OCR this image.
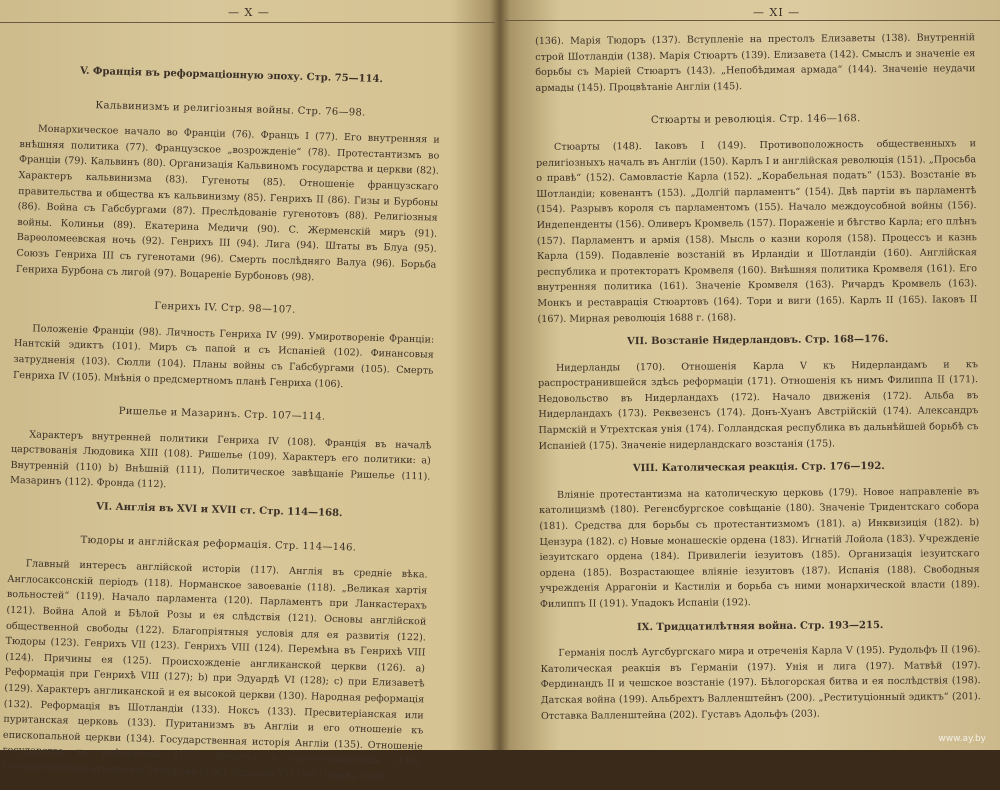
— X —
V. Франція въ реформаціонную эпоху. Стр. 75—114.
Кальвинизмъ и религіозныя войны. Стр. 76—98.
Монархическое начало во Франціи (76). Францъ I (77). Его внутренняя и внѣшняя политика (77). Французское „возрожденіе“ (78). Протестантизмъ во Франціи (79). Кальвинъ (80). Организація Кальвиномъ государства и церкви (82). Характеръ кальвинизма (83). Гугеноты (85). Отношеніе французскаго правительства и общества къ кальвинизму (85). Генрихъ II (86). Гизы и Бурбоны (86). Война съ Габсбургами (87). Преслѣдованіе гугенотовъ (88). Религіозныя войны. Колиньи (89). Екатерина Медичи (90). С. Жерменскій миръ (91). Варѳоломеевская ночь (92). Генрихъ III (94). Лига (94). Штаты въ Блуа (95). Союзъ Генриха III съ гугенотами (96). Смерть послѣдняго Валуа (96). Борьба Генриха Бурбона съ лигой (97). Воцареніе Бурбоновъ (98).
Генрихъ IV. Стр. 98—107.
Положеніе Франціи (98). Личность Генриха IV (99). Умиротвореніе Франціи: Нантскій эдиктъ (101). Миръ съ папой и съ Испаніей (102). Финансовыя затрудненія (103). Сюлли (104). Планы войны съ Габсбургами (105). Смерть Генриха IV (105). Мнѣнія о предсмертномъ планѣ Генриха (106).
Ришелье и Мазаринъ. Стр. 107—114.
Характеръ внутренней политики Генриха IV (108). Франція въ началѣ царствованія Людовика XIII (108). Ришелье (109). Характеръ его политики: а) Внутренній (110) b) Внѣшній (111), Политическое завѣщаніе Ришелье (111). Мазаринъ (112). Фронда (112).
VI. Англія въ XVI и XVII ст. Стр. 114—168.
Тюдоры и англійская реформація. Стр. 114—146.
Главный интересъ англійской исторіи (117). Англія въ средніе вѣка. Англосаксонскій періодъ (118). Норманское завоеваніе (118). „Великая хартія вольностей“ (119). Начало парламента (120). Парламентъ при Ланкастерахъ (121). Война Алой и Бѣлой Розы и ея слѣдствія (121). Основы англійской общественной свободы (122). Благопріятныя условія для ея развитія (122). Тюдоры (123). Генрихъ VII (123). Генрихъ VIII (124). Перемѣна въ Генрихѣ VIII (124). Причины ея (125). Происхожденіе англиканской церкви (126). а) Реформація при Генрихѣ VIII (127); b) при Эдуардѣ VI (128); с) при Елизаветѣ (129). Характеръ англиканской и ея высокой церкви (130). Народная реформація (132). Реформація въ Шотландіи (133). Ноксъ (133). Пресвитеріанская или пуританская церковь (133). Пуританизмъ въ Англіи и его отношеніе къ епископальной церкви (134). Государственная исторія Англіи (135). Отношеніе государства къ реформаціи (135). Вопросъ о престолонаслѣдіи (136). Генеалогическія отношенія Тюдоровъ (136). Эдуардъ VI (136). Іоанна Грей
— XI —
(136). Марія Тюдоръ (137). Вступленіе на престолъ Елизаветы (138). Внутренній строй Шотландіи (138). Марія Стюартъ (139). Елизавета (142). Смыслъ и значеніе ея борьбы съ Маріей Стюартъ (143). „Непобѣдимая армада“ (144). Значеніе неудачи армады (145). Процвѣтаніе Англіи (145).
Стюарты и революція. Стр. 146—168.
Стюарты (148). Іаковъ I (149). Противоположность общественныхъ и религіозныхъ началъ въ Англіи (150). Карлъ I и англійская революція (151). „Просьба о правѣ“ (152). Самовластіе Карла (152). „Корабельная подать“ (153). Возстаніе въ Шотландіи; ковенантъ (153). „Долгій парламентъ“ (154). Двѣ партіи въ парламентѣ (154). Разрывъ короля съ парламентомъ (155). Начало междоусобной войны (156). Индепенденты (156). Оливеръ Кромвель (157). Пораженіе и бѣгство Карла; его плѣнъ (157). Парламентъ и армія (158). Мысль о казни короля (158). Процессъ и казнь Карла (159). Подавленіе возстаній въ Ирландіи и Шотландіи (160). Англійская республика и протекторатъ Кромвеля (160). Внѣшняя политика Кромвеля (161). Его внутренняя политика (161). Значеніе Кромвеля (163). Ричардъ Кромвель (163). Монкъ и реставрація Стюартовъ (164). Тори и виги (165). Карлъ II (165). Іаковъ II (167). Мирная революція 1688 г. (168).
VII. Возстаніе Нидерландовъ. Стр. 168—176.
Нидерланды (170). Отношенія Карла V къ Нидерландамъ и къ распространившейся здѣсь реформаціи (171). Отношенія къ нимъ Филиппа II (171). Недовольство въ Нидерландахъ (172). Начало движенія (172). Альба въ Нидерландахъ (173). Реквезенсъ (174). Донъ-Хуанъ Австрійскій (174). Александръ Пармскій и Утрехтская унія (174). Голландская республика въ дальнѣйшей борьбѣ съ Испаніей (175). Значеніе нидерландскаго возстанія (175).
VIII. Католическая реакція. Стр. 176—192.
Вліяніе протестантизма на католическую церковь (179). Новое направленіе въ католицизмѣ (180). Регенсбургское совѣщаніе (180). Значеніе Тридентскаго собора (181). Средства для борьбы съ протестантизмомъ (181). а) Инквизиція (182). b) Цензура (182). с) Новые монашескіе ордена (183). Игнатій Лойола (183). Учрежденіе іезуитскаго ордена (184). Привилегіи іезуитовъ (185). Организація іезуитскаго ордена (185). Возрастающее вліяніе іезуитовъ (187). Испанія (188). Свободныя учрежденія Аррагоніи и Кастиліи и борьба съ ними монархической власти (189). Филиппъ II (191). Упадокъ Испаніи (192).
IX. Тридцатилѣтняя война. Стр. 193—215.
Германія послѣ Аугсбургскаго мира и отреченія Карла V (195). Рудольфъ II (196). Католическая реакція въ Германіи (197). Унія и лига (197). Матвѣй (197). Фердинандъ II и чешское возстаніе (197). Бѣлогорская битва и ея послѣдствія (198). Датская война (199). Альбрехтъ Валленштейнъ (200). „Реституціонный эдиктъ“ (201). Отставка Валленштейна (202). Густавъ Адольфъ (203).
www.ay.by
